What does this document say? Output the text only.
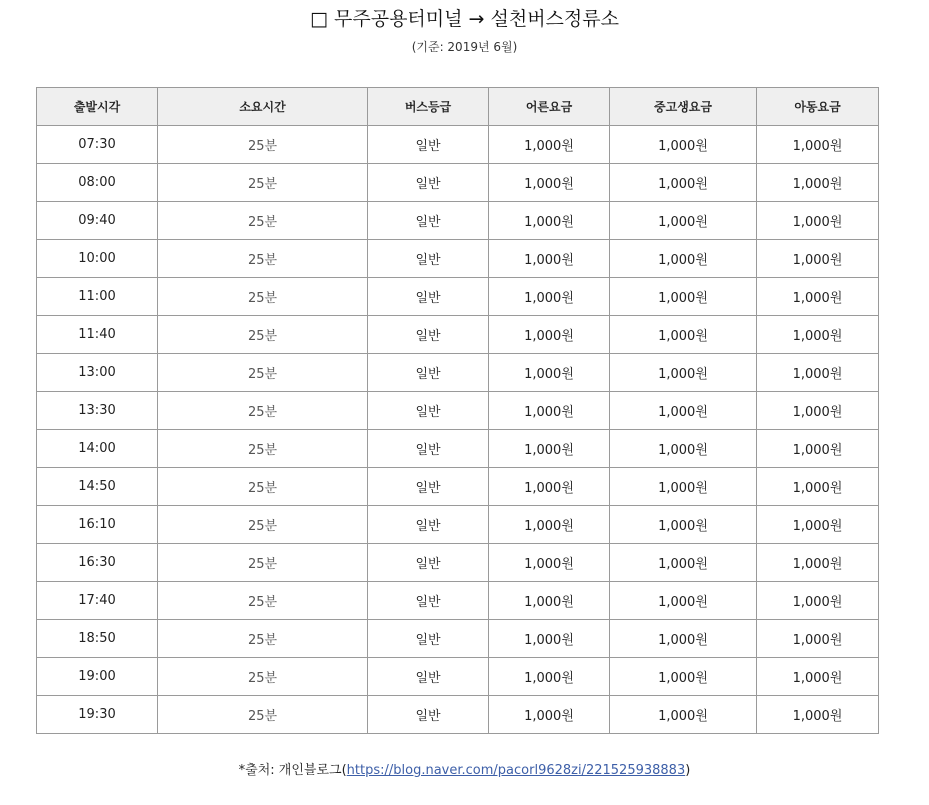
□ 무주공용터미널 → 설천버스정류소
(기준: 2019년 6월)
출발시각	소요시간	버스등급	어른요금	중고생요금	아동요금
07:30	25분	일반	1,000원	1,000원	1,000원
08:00	25분	일반	1,000원	1,000원	1,000원
09:40	25분	일반	1,000원	1,000원	1,000원
10:00	25분	일반	1,000원	1,000원	1,000원
11:00	25분	일반	1,000원	1,000원	1,000원
11:40	25분	일반	1,000원	1,000원	1,000원
13:00	25분	일반	1,000원	1,000원	1,000원
13:30	25분	일반	1,000원	1,000원	1,000원
14:00	25분	일반	1,000원	1,000원	1,000원
14:50	25분	일반	1,000원	1,000원	1,000원
16:10	25분	일반	1,000원	1,000원	1,000원
16:30	25분	일반	1,000원	1,000원	1,000원
17:40	25분	일반	1,000원	1,000원	1,000원
18:50	25분	일반	1,000원	1,000원	1,000원
19:00	25분	일반	1,000원	1,000원	1,000원
19:30	25분	일반	1,000원	1,000원	1,000원
*출처: 개인블로그(https://blog.naver.com/pacorl9628zi/221525938883)
